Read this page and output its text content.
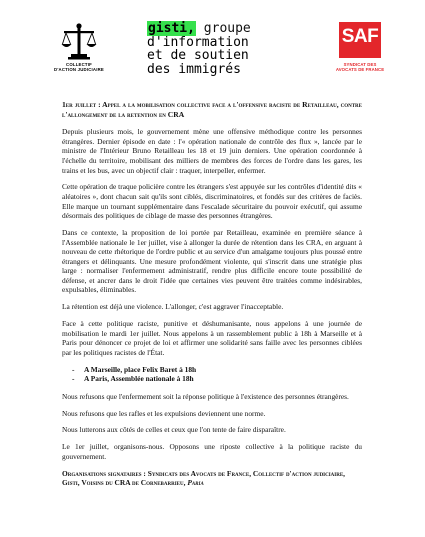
COLLECTIF
D'ACTION JUDICIAIRE
gisti, groupe
d'information
et de soutien
des immigrés
SAF
SYNDICAT DES
AVOCATS DE FRANCE

1er juillet : Appel a la mobilisation collective face a l'offensive raciste de Retailleau, contre l'allongement de la retention en CRA

Depuis plusieurs mois, le gouvernement mène une offensive méthodique contre les personnes étrangères. Dernier épisode en date : l'« opération nationale de contrôle des flux », lancée par le ministre de l'Intérieur Bruno Retailleau les 18 et 19 juin derniers. Une opération coordonnée à l'échelle du territoire, mobilisant des milliers de membres des forces de l'ordre dans les gares, les trains et les bus, avec un objectif clair : traquer, interpeller, enfermer.

Cette opération de traque policière contre les étrangers s'est appuyée sur les contrôles d'identité dits « aléatoires », dont chacun sait qu'ils sont ciblés, discriminatoires, et fondés sur des critères de faciès. Elle marque un tournant supplémentaire dans l'escalade sécuritaire du pouvoir exécutif, qui assume désormais des politiques de ciblage de masse des personnes étrangères.

Dans ce contexte, la proposition de loi portée par Retailleau, examinée en première séance à l'Assemblée nationale le 1er juillet, vise à allonger la durée de rétention dans les CRA, en arguant à nouveau de cette rhétorique de l'ordre public et au service d'un amalgame toujours plus poussé entre étrangers et délinquants. Une mesure profondément violente, qui s'inscrit dans une stratégie plus large : normaliser l'enfermement administratif, rendre plus difficile encore toute possibilité de défense, et ancrer dans le droit l'idée que certaines vies peuvent être traitées comme indésirables, expulsables, éliminables.

La rétention est déjà une violence. L'allonger, c'est aggraver l'inacceptable.

Face à cette politique raciste, punitive et déshumanisante, nous appelons à une journée de mobilisation le mardi 1er juillet. Nous appelons à un rassemblement public à 18h à Marseille et à Paris pour dénoncer ce projet de loi et affirmer une solidarité sans faille avec les personnes ciblées par les politiques racistes de l'État.

- A Marseille, place Felix Baret à 18h
- A Paris, Assemblée nationale à 18h

Nous refusons que l'enfermement soit la réponse politique à l'existence des personnes étrangères.

Nous refusons que les rafles et les expulsions deviennent une norme.

Nous lutterons aux côtés de celles et ceux que l'on tente de faire disparaître.

Le 1er juillet, organisons-nous. Opposons une riposte collective à la politique raciste du gouvernement.

Organisations signataires : Syndicats des Avocats de France, Collectif d'action judiciaire, Gisti, Voisins du CRA de Cornebarrieu, Paria
